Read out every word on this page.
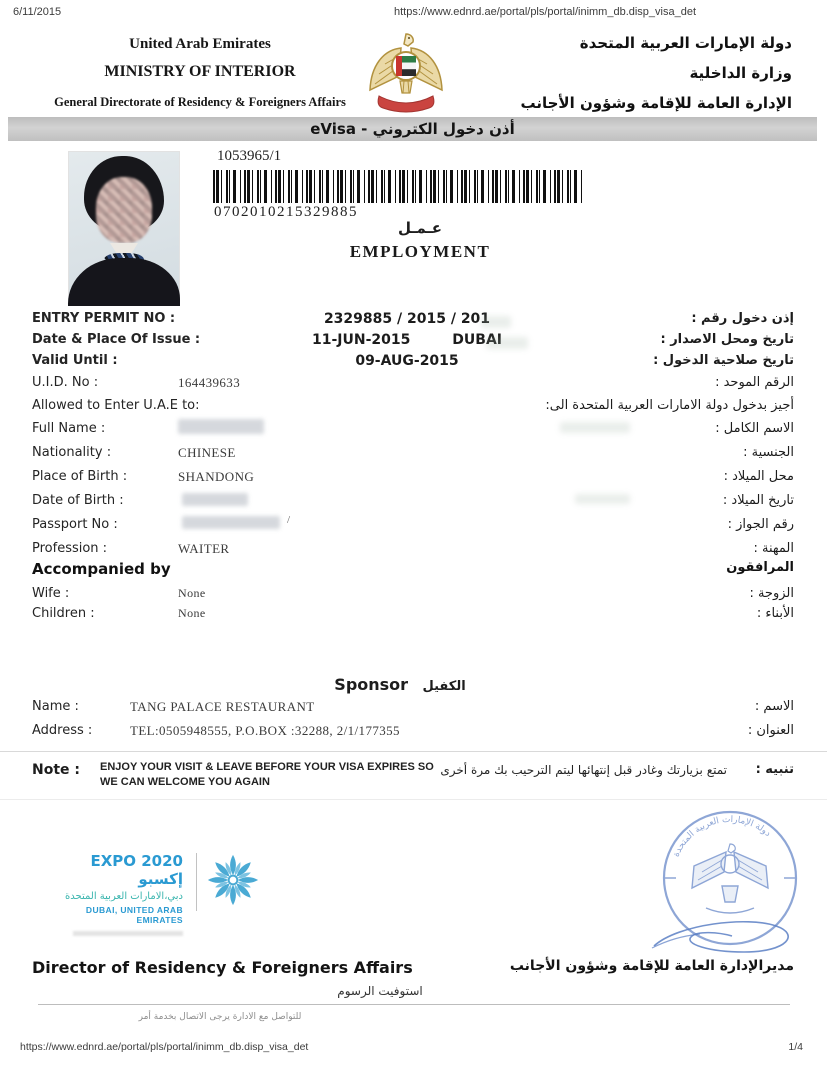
6/11/2015	https://www.ednrd.ae/portal/pls/portal/inimm_db.disp_visa_det
United Arab Emirates
MINISTRY OF INTERIOR
General Directorate of Residency & Foreigners Affairs
دولة الإمارات العربية المتحدة
وزارة الداخلية
الإدارة العامة للإقامة وشؤون الأجانب
eVisa - أذن دخول الكتروني
1053965/1
0702010215329885
عـمـل
EMPLOYMENT
ENTRY PERMIT NO :	2329885 / 2015 / 201	إذن دخول رقم :
Date & Place Of Issue :	11-JUN-2015	DUBAI	تاريخ ومحل الاصدار :
Valid Until :	09-AUG-2015	تاريخ صلاحية الدخول :
U.I.D. No :	164439633	الرقم الموحد :
Allowed to Enter U.A.E to:	أجيز بدخول دولة الامارات العربية المتحدة الى:
Full Name :	الاسم الكامل :
Nationality :	CHINESE	الجنسية :
Place of Birth :	SHANDONG	محل الميلاد :
Date of Birth :	تاريخ الميلاد :
Passport No :	رقم الجواز :
Profession :	WAITER	المهنة :
/
Accompanied by	المرافقون
Wife :	None	الزوجة :
Children :	None	الأبناء :
Sponsor الكفيل
Name :	TANG PALACE RESTAURANT	الاسم :
Address :	TEL:0505948555, P.O.BOX :32288, 2/1/177355	العنوان :
Note : ENJOY YOUR VISIT & LEAVE BEFORE YOUR VISA EXPIRES SO WE CAN WELCOME YOU AGAIN
تنبيه :
تمتع بزيارتك وغادر قبل إنتهائها ليتم الترحيب بك مرة أخرى
EXPO 2020 إكسبو
دبي،الامارات العربية المتحدة
DUBAI, UNITED ARAB EMIRATES
دولة الإمارات العربية المتحدة
Director of Residency & Foreigners Affairs	مديرالإدارة العامة للإقامة وشؤون الأجانب
استوفيت الرسوم
للتواصل مع الادارة يرجى الاتصال بخدمة أمر
https://www.ednrd.ae/portal/pls/portal/inimm_db.disp_visa_det	1/4
